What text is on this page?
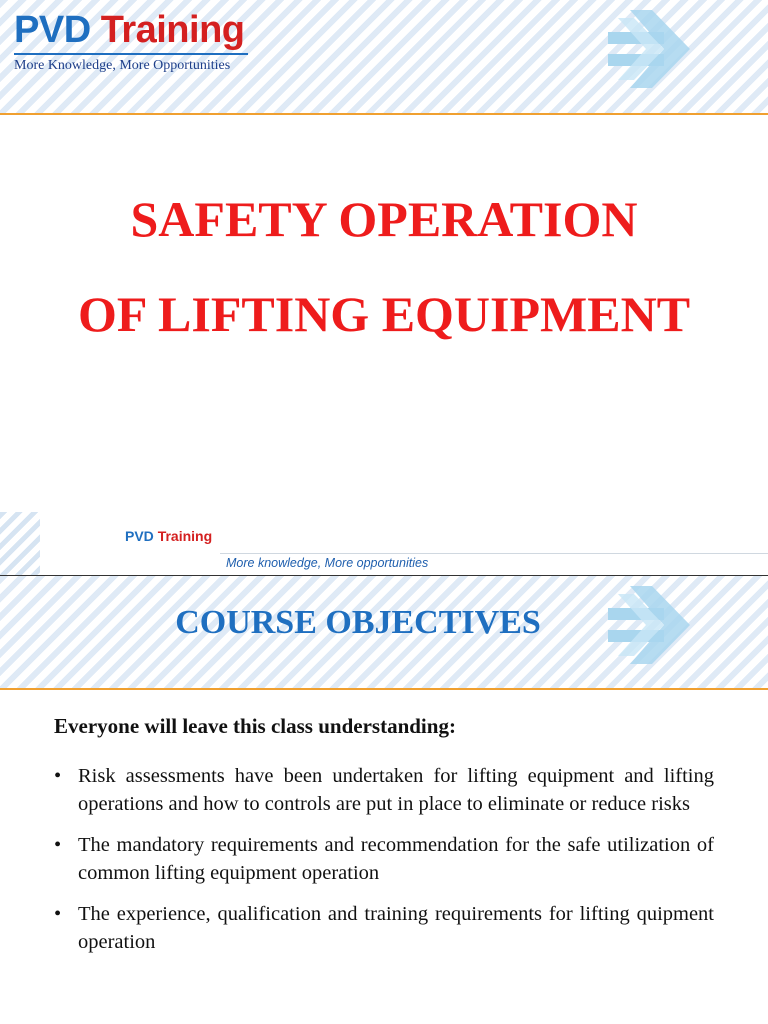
PVD Training
More Knowledge, More Opportunities
SAFETY OPERATION
OF LIFTING EQUIPMENT
PVD Training
More knowledge, More opportunities
COURSE OBJECTIVES
Everyone will leave this class understanding:
• Risk assessments have been undertaken for lifting equipment and lifting operations and how to controls are put in place to eliminate or reduce risks
• The mandatory requirements and recommendation for the safe utilization of common lifting equipment operation
• The experience, qualification and training requirements for lifting quipment operation
